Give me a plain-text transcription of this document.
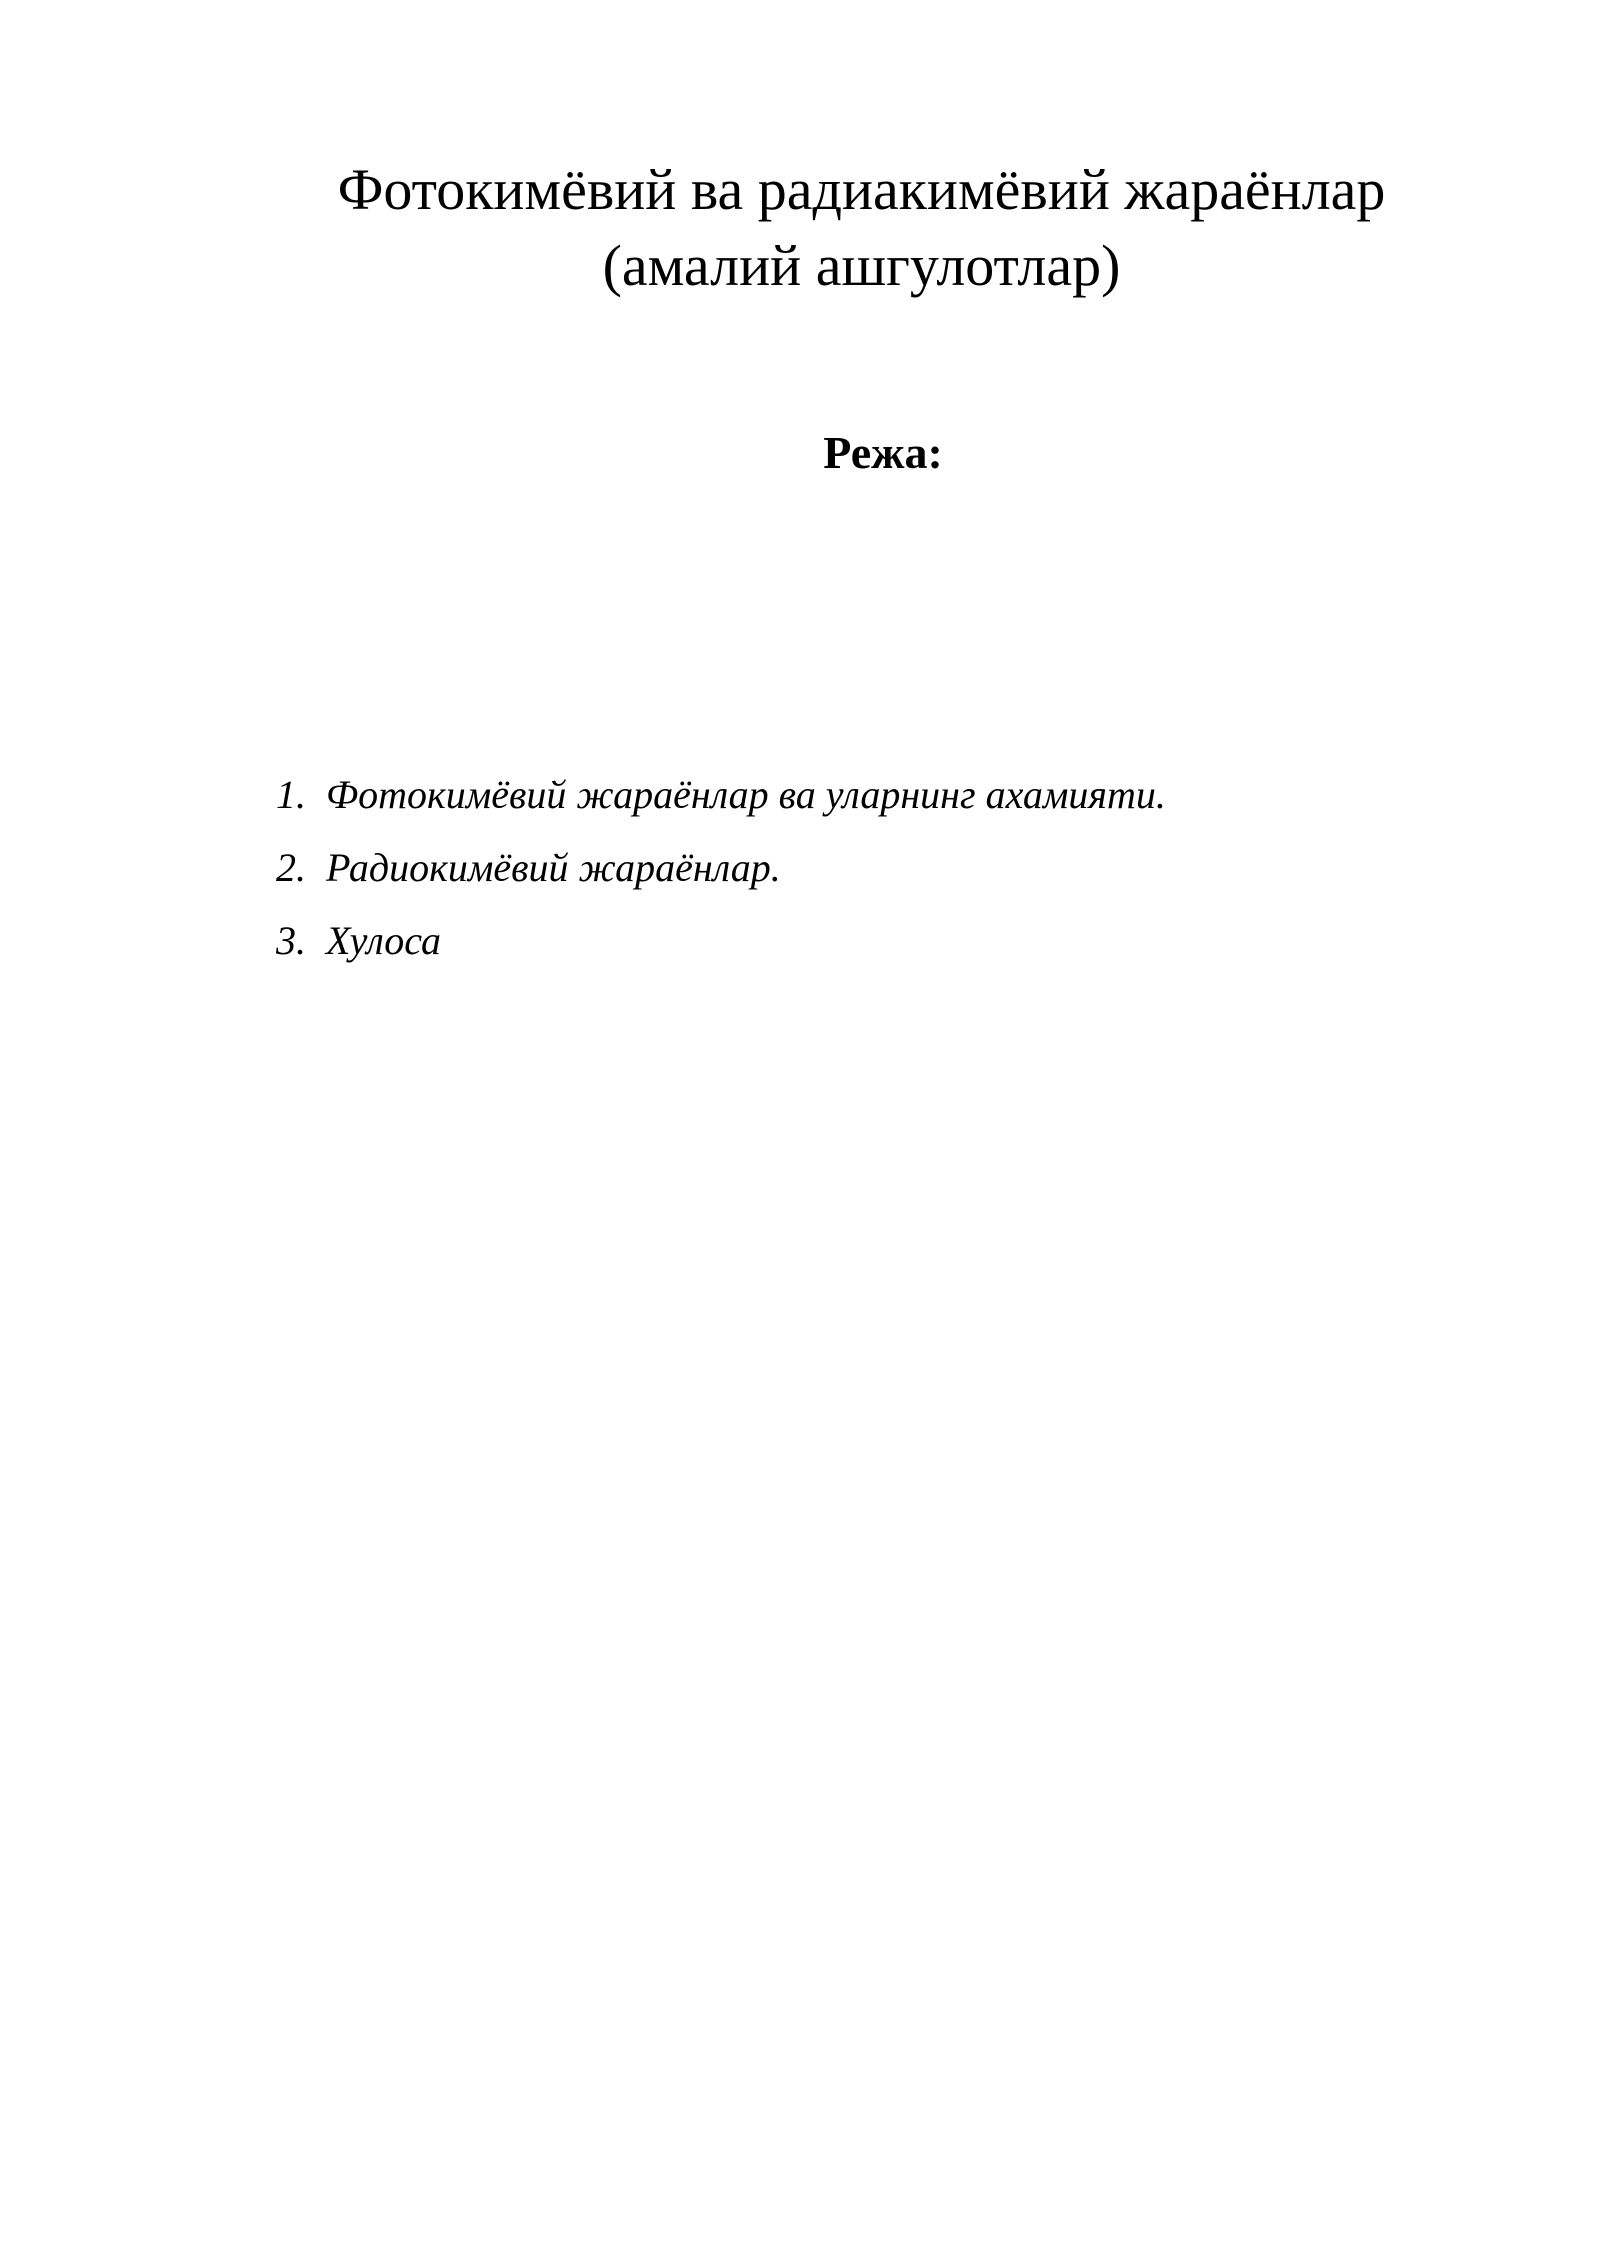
Фотокимёвий ва радиакимёвий жараёнлар
(амалий ашгулотлар)
Режа:
1. Фотокимёвий жараёнлар ва уларнинг ахамияти.
2. Радиокимёвий жараёнлар.
3. Хулоса
